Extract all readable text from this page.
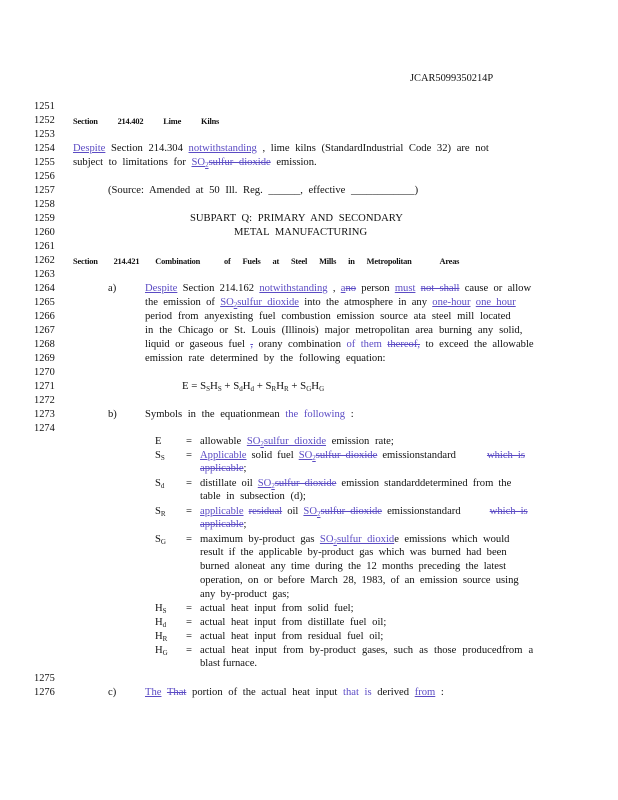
JCAR5099350214P
1251
1252
1253
1254
1255
1256
1257
1258
1259
1260
1261
1262
1263
1264
1265
1266
1267
1268
1269
1270
1271
1272
1273
1274
1275
1276
Section 214.402 Lime Kilns
Despite Section 214.304 notwithstanding , lime kilns (StandardIndustrial Code 32) are not
subject to limitations for $SO_2sulfur$ dioxide emission.
(Source: Amended at 50 Ill. Reg. ______, effective ____________)
SUBPART Q: PRIMARY AND SECONDARY
METAL MANUFACTURING
Section 214.421 Combination	of Fuels at Steel Mills in Metropolitan	Areas
a)	Despite Section 214.162 notwithstanding , ano person must not shall cause or allow
the emission of $SO_2sulfur$ dioxide into the atmosphere in any one-hour one hour
period from anyexisting fuel combustion emission source ata steel mill located
in the Chicago or St. Louis (Illinois) major metropolitan area burning any solid,
liquid or gaseous fuel , orany combination of them thereof, to exceed the allowable
emission rate determined by the following equation:
$E = S_SH_S + S_dH_d + S_RH_R + S_GH_G$
b)	Symbols in the equationmean the following :
E = allowable $SO_2sulfur$ dioxide emission rate;
$S_S$ = Applicable solid fuel $SO_2sulfur$ dioxide emissionstandard which is
applicable;
$S_d$ = distillate oil $SO_2sulfur$ dioxide emission standarddetermined from the
table in subsection (d);
$S_R$ = applicable residual oil $SO_2sulfur$ dioxide emissionstandard which is
applicable;
$S_G$ = maximum by-product gas $SO_2sulfur$ dioxide emissions which would
result if the applicable by-product gas which was burned had been
burned aloneat any time during the 12 months preceding the latest
operation, on or before March 28, 1983, of an emission source using
any by-product gas;
$H_S$ = actual heat input from solid fuel;
$H_d$ = actual heat input from distillate fuel oil;
$H_R$ = actual heat input from residual fuel oil;
$H_G$ = actual heat input from by-product gases, such as those producedfrom a
blast furnace.
c)	The That portion of the actual heat input that is derived from :
